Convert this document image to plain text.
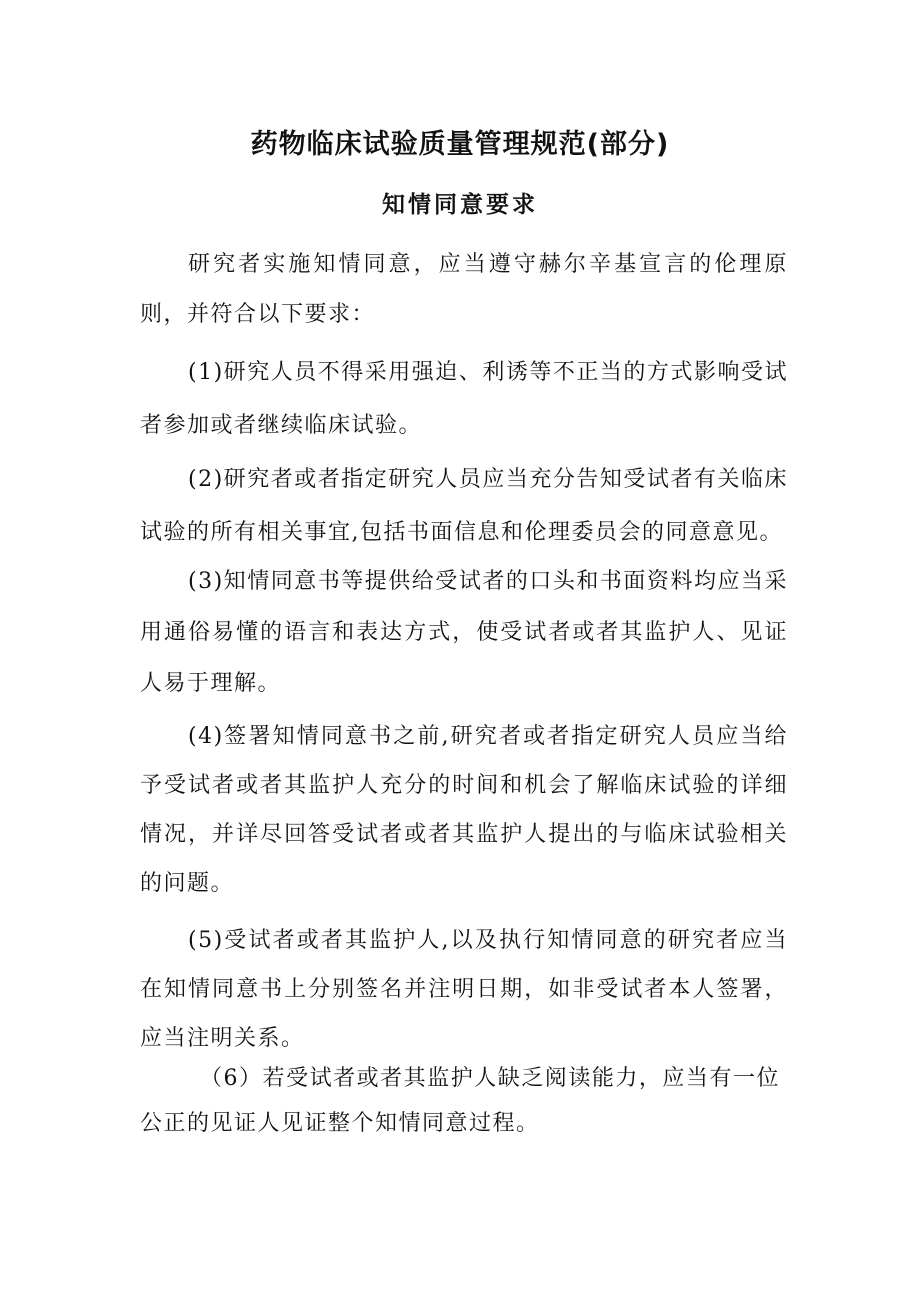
药物临床试验质量管理规范(部分)
知情同意要求

研究者实施知情同意，应当遵守赫尔辛基宣言的伦理原则，并符合以下要求：

(1)研究人员不得采用强迫、利诱等不正当的方式影响受试者参加或者继续临床试验。

(2)研究者或者指定研究人员应当充分告知受试者有关临床试验的所有相关事宜,包括书面信息和伦理委员会的同意意见。

(3)知情同意书等提供给受试者的口头和书面资料均应当采用通俗易懂的语言和表达方式，使受试者或者其监护人、见证人易于理解。

(4)签署知情同意书之前,研究者或者指定研究人员应当给予受试者或者其监护人充分的时间和机会了解临床试验的详细情况，并详尽回答受试者或者其监护人提出的与临床试验相关的问题。

(5)受试者或者其监护人,以及执行知情同意的研究者应当在知情同意书上分别签名并注明日期，如非受试者本人签署，应当注明关系。

（6）若受试者或者其监护人缺乏阅读能力，应当有一位公正的见证人见证整个知情同意过程。
